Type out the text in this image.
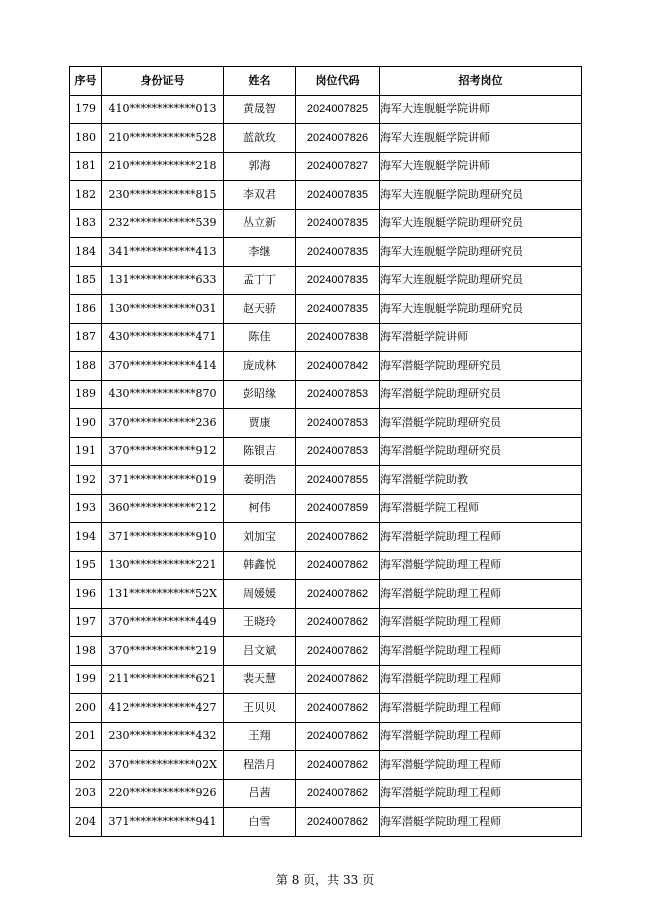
序号	身份证号	姓名	岗位代码	招考岗位
179	410************013	黄晟智	2024007825	海军大连舰艇学院讲师
180	210************528	蓝歆玫	2024007826	海军大连舰艇学院讲师
181	210************218	郭海	2024007827	海军大连舰艇学院讲师
182	230************815	李双君	2024007835	海军大连舰艇学院助理研究员
183	232************539	丛立新	2024007835	海军大连舰艇学院助理研究员
184	341************413	李继	2024007835	海军大连舰艇学院助理研究员
185	131************633	孟丁丁	2024007835	海军大连舰艇学院助理研究员
186	130************031	赵天骄	2024007835	海军大连舰艇学院助理研究员
187	430************471	陈佳	2024007838	海军潜艇学院讲师
188	370************414	庞成林	2024007842	海军潜艇学院助理研究员
189	430************870	彭昭缘	2024007853	海军潜艇学院助理研究员
190	370************236	贾康	2024007853	海军潜艇学院助理研究员
191	370************912	陈银吉	2024007853	海军潜艇学院助理研究员
192	371************019	姜明浩	2024007855	海军潜艇学院助教
193	360************212	柯伟	2024007859	海军潜艇学院工程师
194	371************910	刘加宝	2024007862	海军潜艇学院助理工程师
195	130************221	韩鑫悦	2024007862	海军潜艇学院助理工程师
196	131************52X	周媛媛	2024007862	海军潜艇学院助理工程师
197	370************449	王晓玲	2024007862	海军潜艇学院助理工程师
198	370************219	吕文斌	2024007862	海军潜艇学院助理工程师
199	211************621	裴天慧	2024007862	海军潜艇学院助理工程师
200	412************427	王贝贝	2024007862	海军潜艇学院助理工程师
201	230************432	王翔	2024007862	海军潜艇学院助理工程师
202	370************02X	程浩月	2024007862	海军潜艇学院助理工程师
203	220************926	吕茜	2024007862	海军潜艇学院助理工程师
204	371************941	白雪	2024007862	海军潜艇学院助理工程师
第 8 页，共 33 页
